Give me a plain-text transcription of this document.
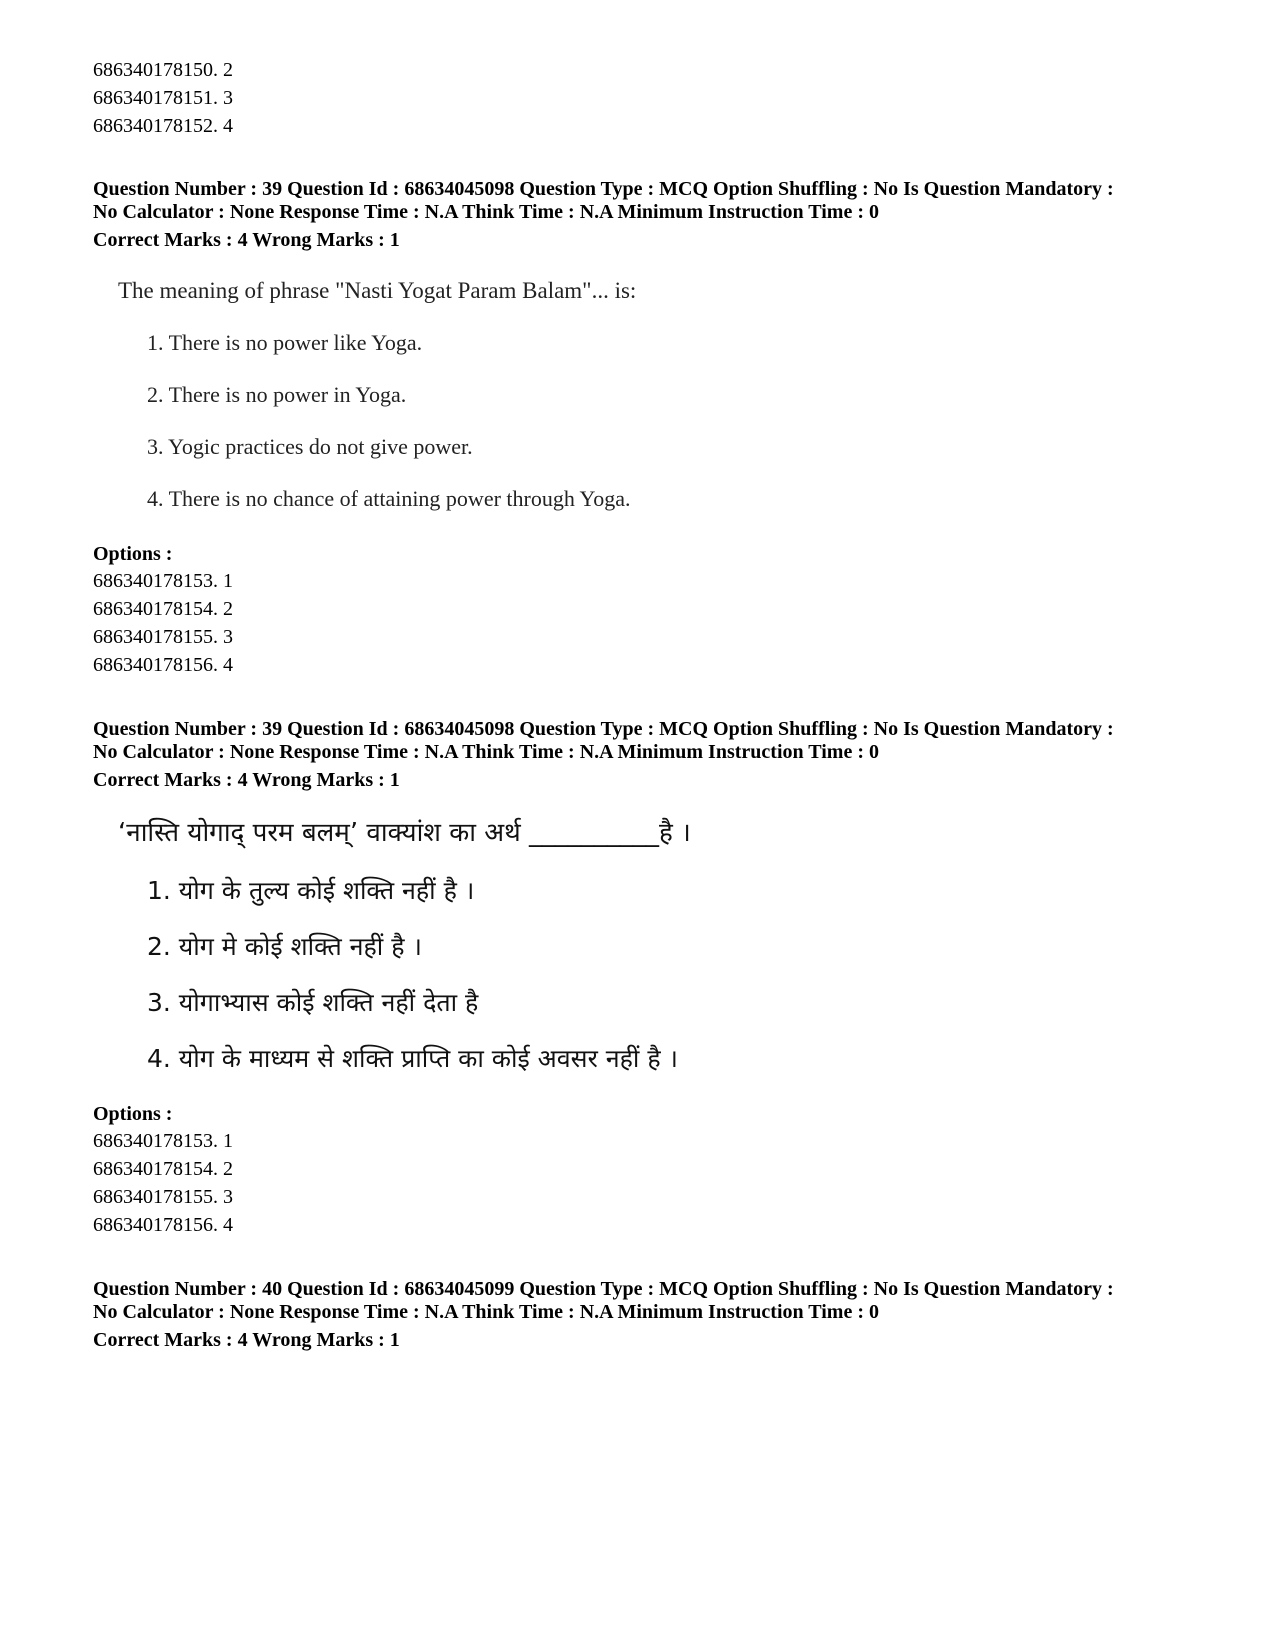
686340178150. 2
686340178151. 3
686340178152. 4
Question Number : 39 Question Id : 68634045098 Question Type : MCQ Option Shuffling : No Is Question Mandatory :
No Calculator : None Response Time : N.A Think Time : N.A Minimum Instruction Time : 0
Correct Marks : 4 Wrong Marks : 1
The meaning of phrase "Nasti Yogat Param Balam"... is:
1. There is no power like Yoga.
2. There is no power in Yoga.
3. Yogic practices do not give power.
4. There is no chance of attaining power through Yoga.
Options :
686340178153. 1
686340178154. 2
686340178155. 3
686340178156. 4
Question Number : 39 Question Id : 68634045098 Question Type : MCQ Option Shuffling : No Is Question Mandatory :
No Calculator : None Response Time : N.A Think Time : N.A Minimum Instruction Time : 0
Correct Marks : 4 Wrong Marks : 1
‘नास्ति योगाद् परम बलम्’ वाक्यांश का अर्थ __________है ।
1. योग के तुल्य कोई शक्ति नहीं है ।
2. योग मे कोई शक्ति नहीं है ।
3. योगाभ्यास कोई शक्ति नहीं देता है
4. योग के माध्यम से शक्ति प्राप्ति का कोई अवसर नहीं है ।
Options :
686340178153. 1
686340178154. 2
686340178155. 3
686340178156. 4
Question Number : 40 Question Id : 68634045099 Question Type : MCQ Option Shuffling : No Is Question Mandatory :
No Calculator : None Response Time : N.A Think Time : N.A Minimum Instruction Time : 0
Correct Marks : 4 Wrong Marks : 1
